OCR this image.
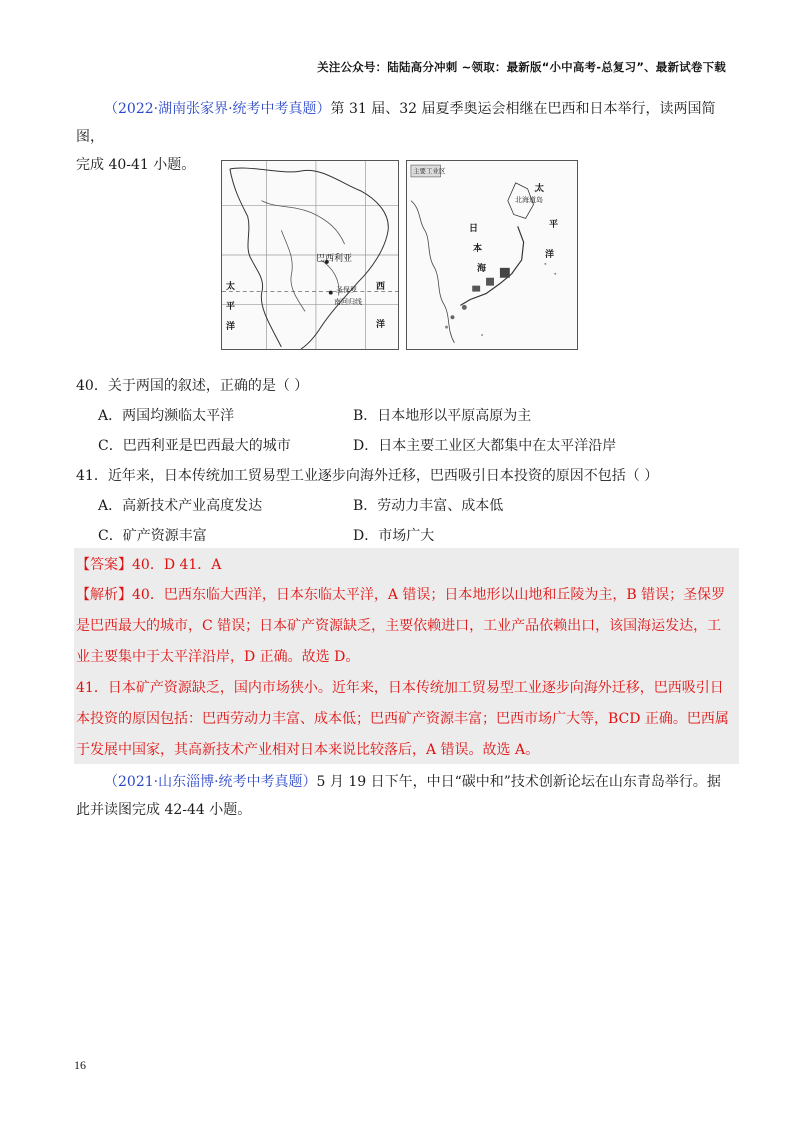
关注公众号：陆陆高分冲刺 ~领取：最新版“小中高考-总复习”、最新试卷下载

（2022·湖南张家界·统考中考真题）第 31 届、32 届夏季奥运会相继在巴西和日本举行，读两国简图，
完成 40-41 小题。

巴西利亚
太
平
洋
西
洋
南回归线
圣保罗
主要工业区
北海道岛
日
本
海
太
平
洋
40．关于两国的叙述，正确的是（ ）
A．两国均濒临太平洋	B．日本地形以平原高原为主
C．巴西利亚是巴西最大的城市	D．日本主要工业区大都集中在太平洋沿岸
41．近年来，日本传统加工贸易型工业逐步向海外迁移，巴西吸引日本投资的原因不包括（ ）
A．高新技术产业高度发达	B．劳动力丰富、成本低
C．矿产资源丰富	D．市场广大
【答案】40．D 41．A
【解析】40．巴西东临大西洋，日本东临太平洋，A 错误；日本地形以山地和丘陵为主，B 错误；圣保罗
是巴西最大的城市，C 错误；日本矿产资源缺乏，主要依赖进口，工业产品依赖出口，该国海运发达，工
业主要集中于太平洋沿岸，D 正确。故选 D。
41．日本矿产资源缺乏，国内市场狭小。近年来，日本传统加工贸易型工业逐步向海外迁移，巴西吸引日
本投资的原因包括：巴西劳动力丰富、成本低；巴西矿产资源丰富；巴西市场广大等，BCD 正确。巴西属
于发展中国家，其高新技术产业相对日本来说比较落后，A 错误。故选 A。

（2021·山东淄博·统考中考真题）5 月 19 日下午，中日“碳中和”技术创新论坛在山东青岛举行。据
此并读图完成 42-44 小题。

16
